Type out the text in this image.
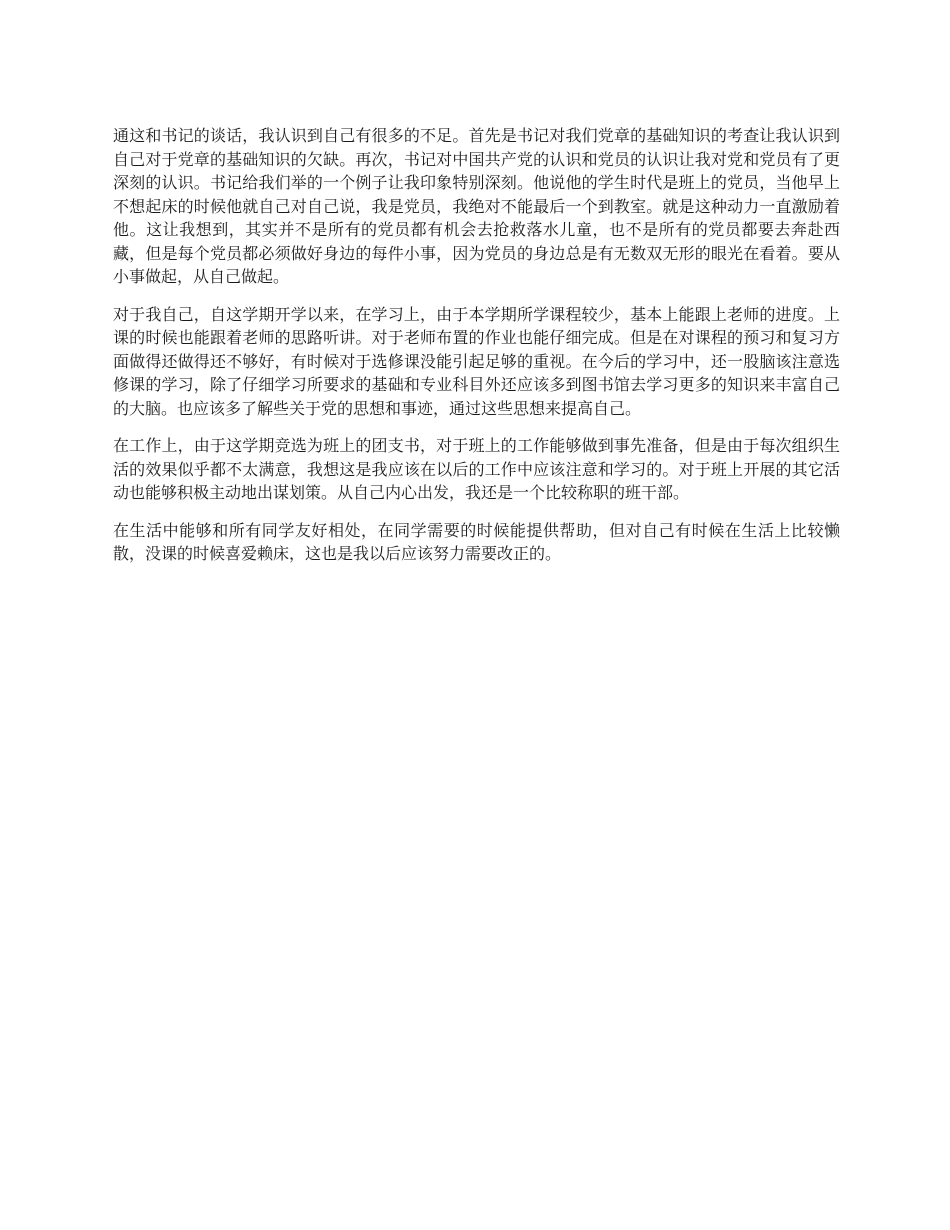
通这和书记的谈话，我认识到自己有很多的不足。首先是书记对我们党章的基础知识的考查让我认识到自己对于党章的基础知识的欠缺。再次，书记对中国共产党的认识和党员的认识让我对党和党员有了更深刻的认识。书记给我们举的一个例子让我印象特别深刻。他说他的学生时代是班上的党员，当他早上不想起床的时候他就自己对自己说，我是党员，我绝对不能最后一个到教室。就是这种动力一直激励着他。这让我想到，其实并不是所有的党员都有机会去抢救落水儿童，也不是所有的党员都要去奔赴西藏，但是每个党员都必须做好身边的每件小事，因为党员的身边总是有无数双无形的眼光在看着。要从小事做起，从自己做起。

对于我自己，自这学期开学以来，在学习上，由于本学期所学课程较少，基本上能跟上老师的进度。上课的时候也能跟着老师的思路听讲。对于老师布置的作业也能仔细完成。但是在对课程的预习和复习方面做得还做得还不够好，有时候对于选修课没能引起足够的重视。在今后的学习中，还一股脑该注意选修课的学习，除了仔细学习所要求的基础和专业科目外还应该多到图书馆去学习更多的知识来丰富自己的大脑。也应该多了解些关于党的思想和事迹，通过这些思想来提高自己。

在工作上，由于这学期竞选为班上的团支书，对于班上的工作能够做到事先准备，但是由于每次组织生活的效果似乎都不太满意，我想这是我应该在以后的工作中应该注意和学习的。对于班上开展的其它活动也能够积极主动地出谋划策。从自己内心出发，我还是一个比较称职的班干部。

在生活中能够和所有同学友好相处，在同学需要的时候能提供帮助，但对自己有时候在生活上比较懒散，没课的时候喜爱赖床，这也是我以后应该努力需要改正的。
